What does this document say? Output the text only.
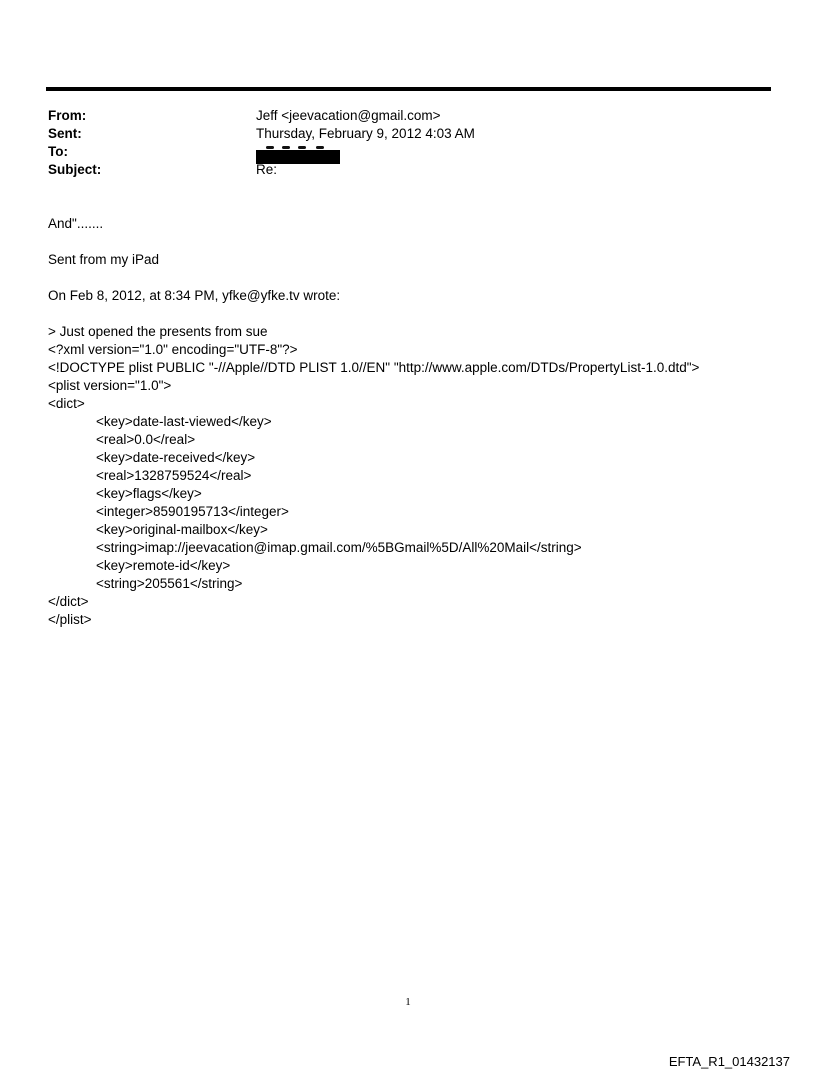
From:	Jeff <jeevacation@gmail.com>
Sent:	Thursday, February 9, 2012 4:03 AM
To:
Subject:	Re:
And".......
Sent from my iPad
On Feb 8, 2012, at 8:34 PM, yfke@yfke.tv wrote:
> Just opened the presents from sue
<?xml version="1.0" encoding="UTF-8"?>
<!DOCTYPE plist PUBLIC "-//Apple//DTD PLIST 1.0//EN" "http://www.apple.com/DTDs/PropertyList-1.0.dtd">
<plist version="1.0">
<dict>
<key>date-last-viewed</key>
<real>0.0</real>
<key>date-received</key>
<real>1328759524</real>
<key>flags</key>
<integer>8590195713</integer>
<key>original-mailbox</key>
<string>imap://jeevacation@imap.gmail.com/%5BGmail%5D/All%20Mail</string>
<key>remote-id</key>
<string>205561</string>
</dict>
</plist>
1
EFTA_R1_01432137
